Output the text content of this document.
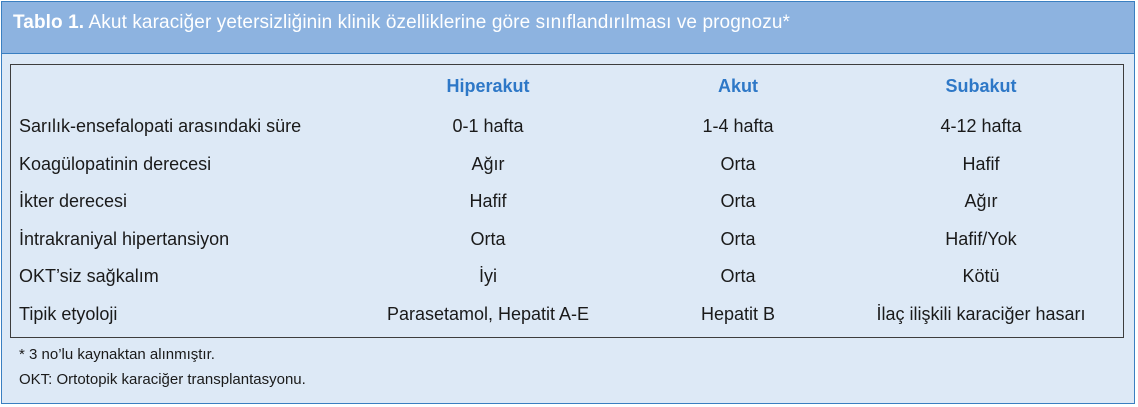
Tablo 1. Akut karaciğer yetersizliğinin klinik özelliklerine göre sınıflandırılması ve prognozu*
	Hiperakut	Akut	Subakut
Sarılık-ensefalopati arasındaki süre	0-1 hafta	1-4 hafta	4-12 hafta
Koagülopatinin derecesi	Ağır	Orta	Hafif
İkter derecesi	Hafif	Orta	Ağır
İntrakraniyal hipertansiyon	Orta	Orta	Hafif/Yok
OKT’siz sağkalım	İyi	Orta	Kötü
Tipik etyoloji	Parasetamol, Hepatit A-E	Hepatit B	İlaç ilişkili karaciğer hasarı
* 3 no’lu kaynaktan alınmıştır.
OKT: Ortotopik karaciğer transplantasyonu.
